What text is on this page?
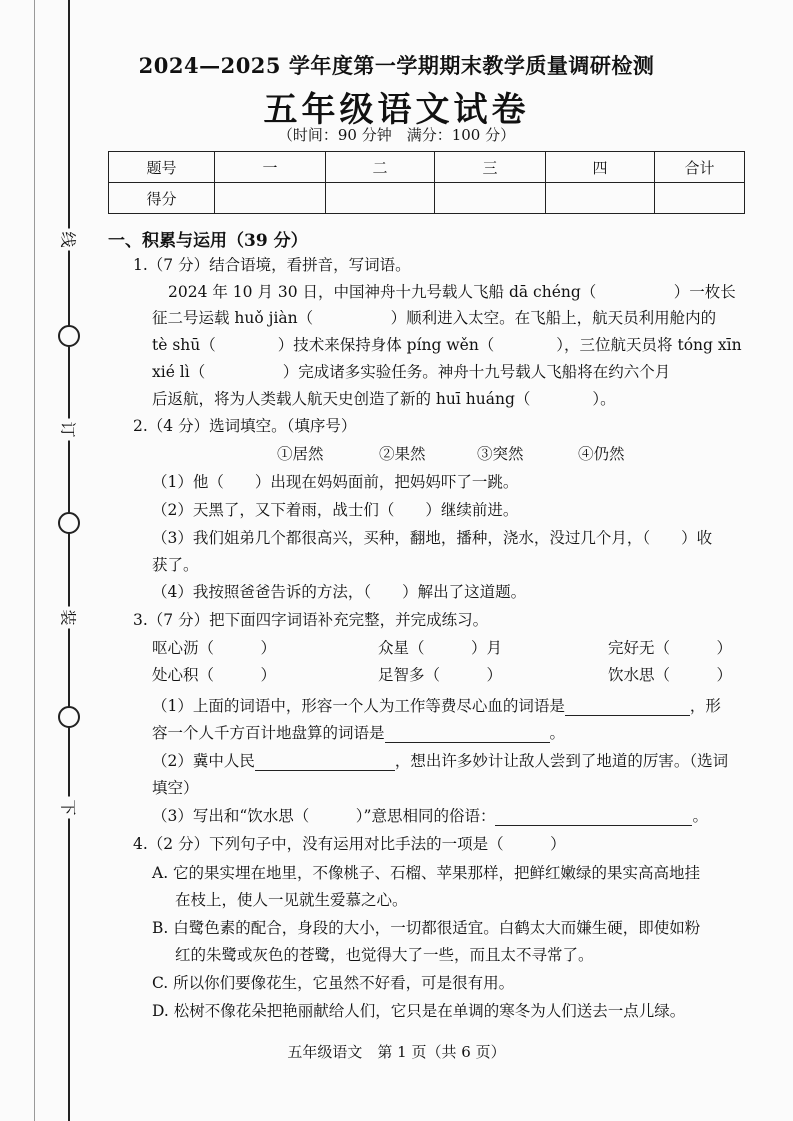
线
订
装
下
2024—2025 学年度第一学期期末教学质量调研检测
五年级语文试卷
（时间：90 分钟　满分：100 分）
题号	一	二	三	四	合计
得分					
一、积累与运用（39 分）
1.（7 分）结合语境，看拼音，写词语。
2024 年 10 月 30 日，中国神舟十九号载人飞船 dā chéng（　　　　　）一枚长
征二号运载 huǒ jiàn（　　　　　）顺利进入太空。在飞船上，航天员利用舱内的
tè shū（　　　　）技术来保持身体 píng wěn（　　　　），三位航天员将 tóng xīn
xié lì（　　　　　）完成诸多实验任务。神舟十九号载人飞船将在约六个月
后返航，将为人类载人航天史创造了新的 huī huáng（　　　　）。
2.（4 分）选词填空。（填序号）
①居然	②果然	③突然	④仍然
（1）他（　　）出现在妈妈面前，把妈妈吓了一跳。
（2）天黑了，又下着雨，战士们（　　）继续前进。
（3）我们姐弟几个都很高兴，买种，翻地，播种，浇水，没过几个月，（　　）收
获了。
（4）我按照爸爸告诉的方法，（　　）解出了这道题。
3.（7 分）把下面四字词语补充完整，并完成练习。
呕心沥（　　　）	众星（　　　）月	完好无（　　　）
处心积（　　　）	足智多（　　　）	饮水思（　　　）
（1）上面的词语中，形容一个人为工作等费尽心血的词语是	，形
容一个人千方百计地盘算的词语是	。
（2）冀中人民	，想出许多妙计让敌人尝到了地道的厉害。（选词
填空）
（3）写出和“饮水思（　　　）”意思相同的俗语：	。
4.（2 分）下列句子中，没有运用对比手法的一项是（　　　）
A. 它的果实埋在地里，不像桃子、石榴、苹果那样，把鲜红嫩绿的果实高高地挂
在枝上，使人一见就生爱慕之心。
B. 白鹭色素的配合，身段的大小，一切都很适宜。白鹤太大而嫌生硬，即使如粉
红的朱鹭或灰色的苍鹭，也觉得大了一些，而且太不寻常了。
C. 所以你们要像花生，它虽然不好看，可是很有用。
D. 松树不像花朵把艳丽献给人们，它只是在单调的寒冬为人们送去一点儿绿。
五年级语文　第 1 页（共 6 页）
